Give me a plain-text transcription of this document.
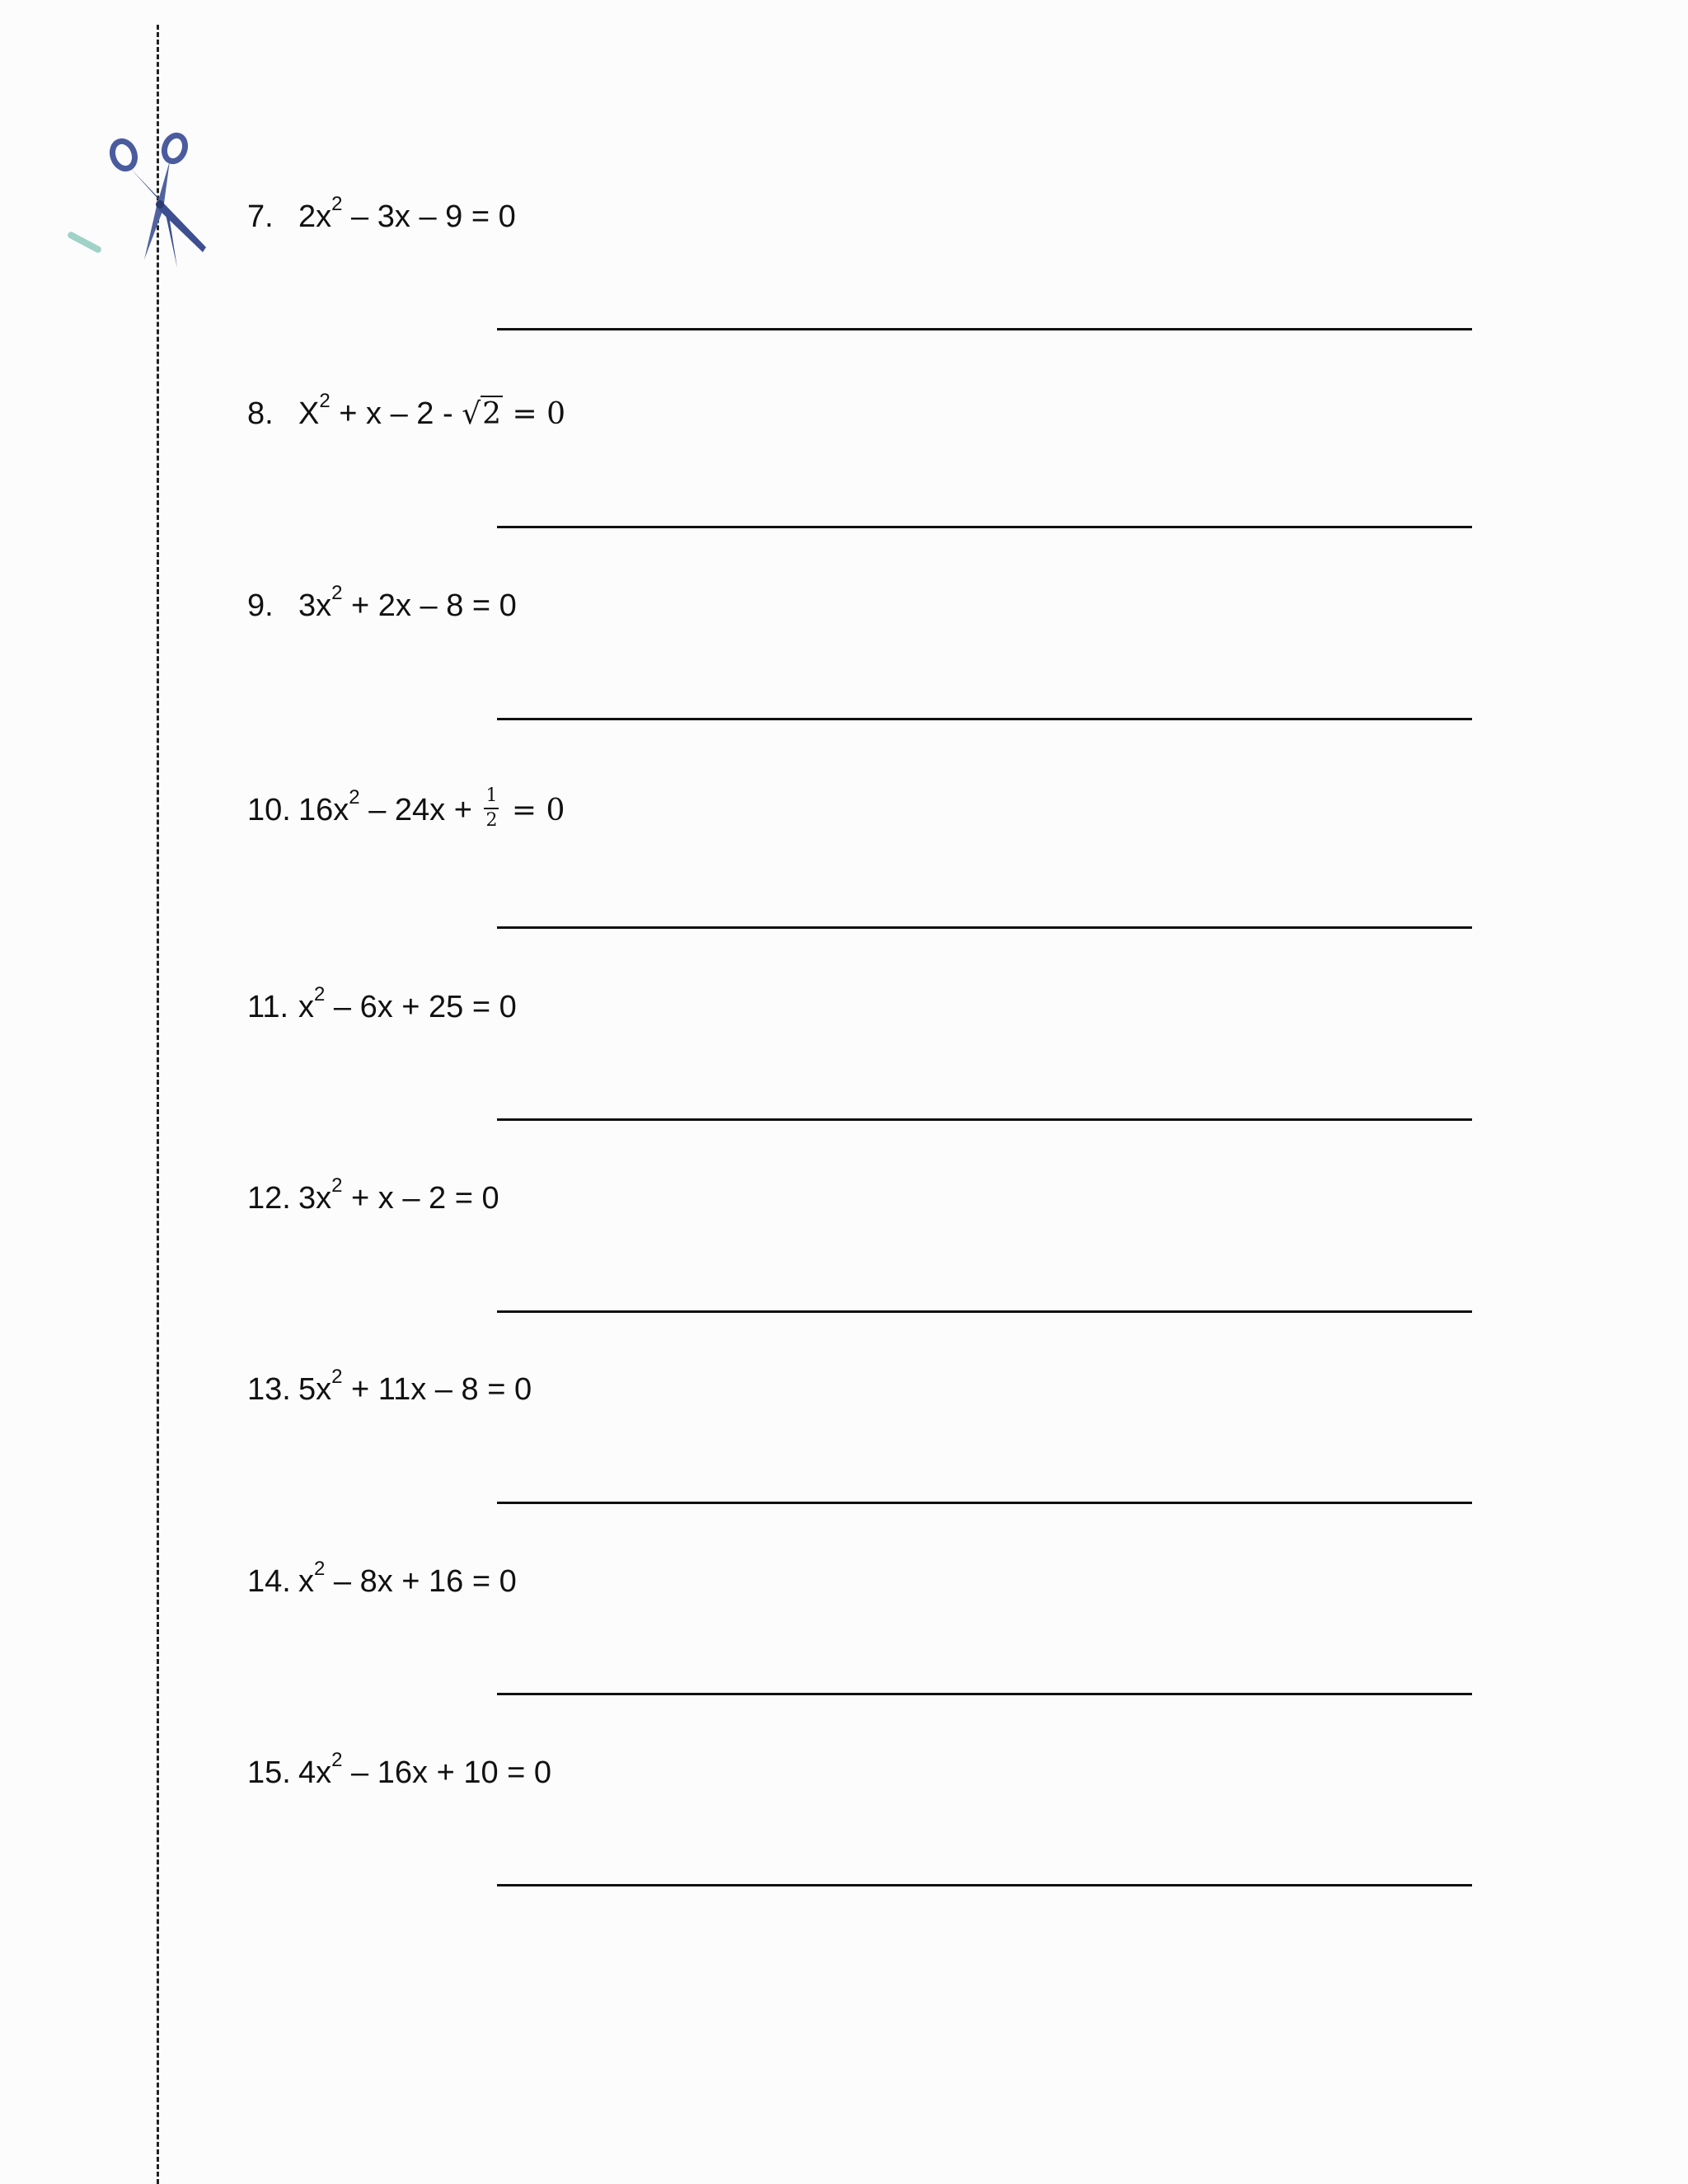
7. $2x^2 - 3x - 9 = 0$
8. $X^2 + x - 2 - √2 = 0$
9. $3x^2 + 2x - 8 = 0$
10. $16x^2 - 24x + \frac{1}{2} = 0$
11. $x^2 - 6x + 25 = 0$
12. $3x^2 + x - 2 = 0$
13. $5x^2 + 11x - 8 = 0$
14. $x^2 - 8x + 16 = 0$
15. $4x^2 - 16x + 10 = 0$
